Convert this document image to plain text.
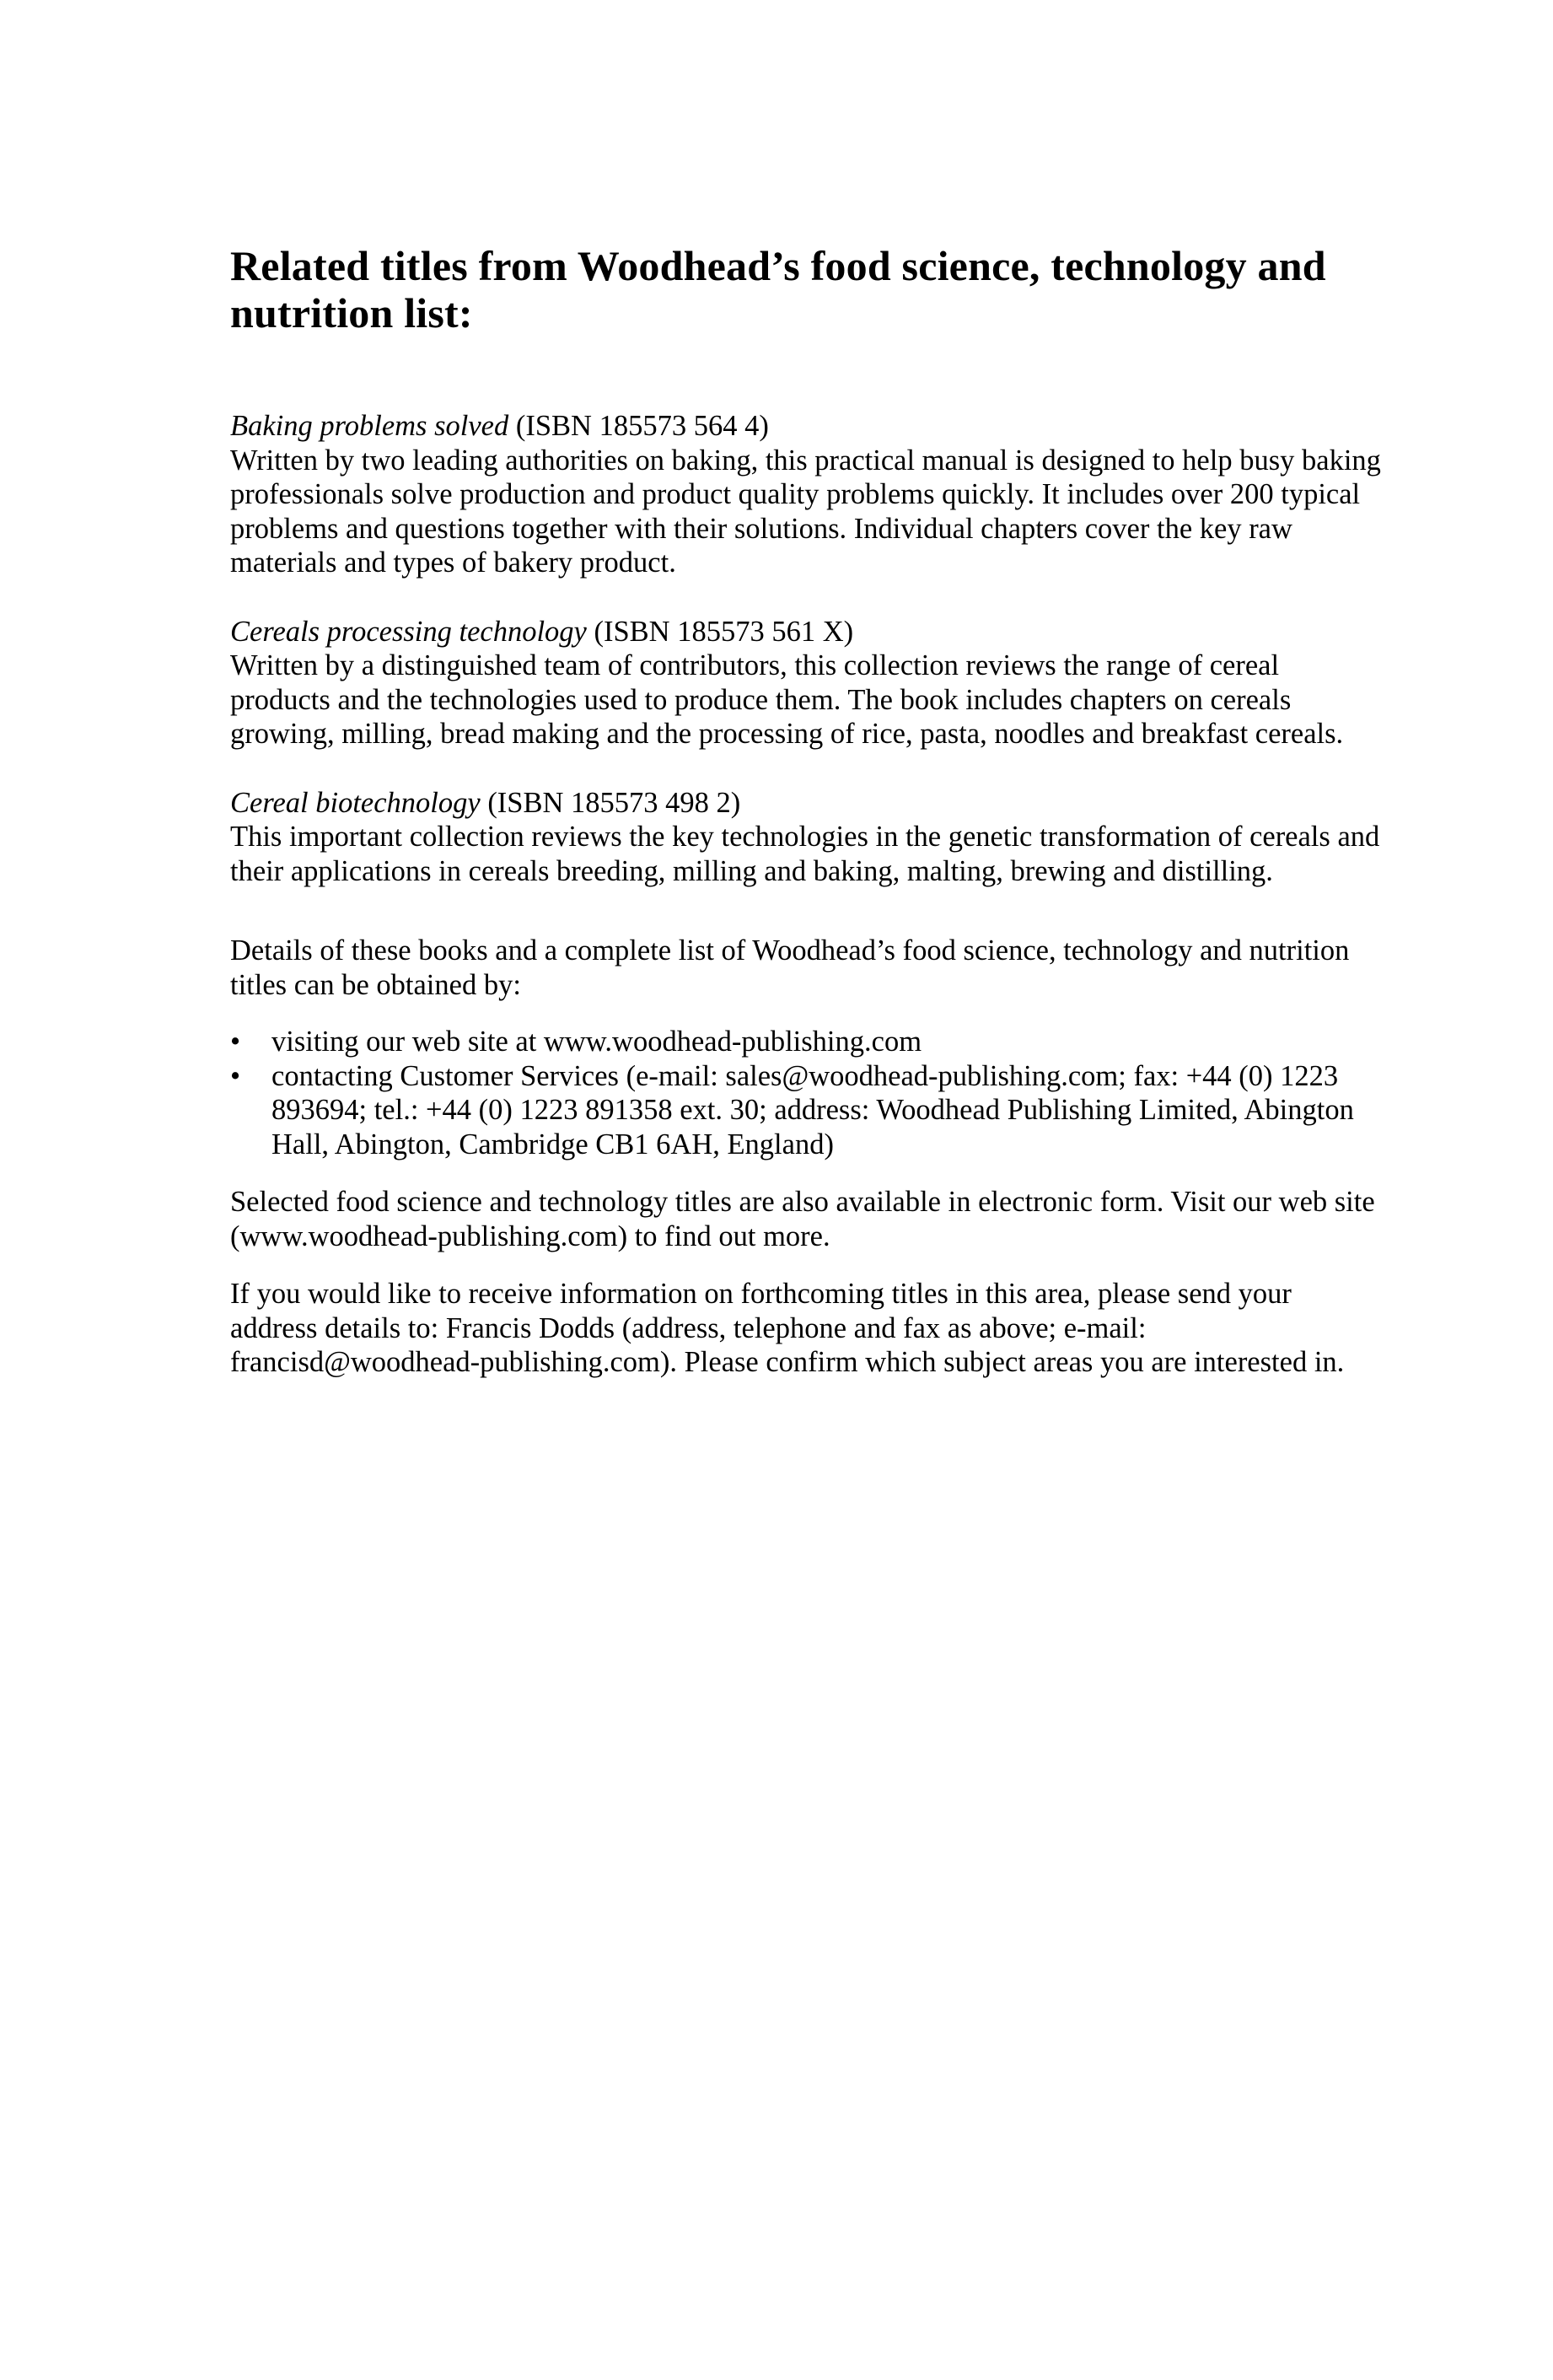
Related titles from Woodhead’s food science, technology and nutrition list:
Baking problems solved (ISBN 185573 564 4)
Written by two leading authorities on baking, this practical manual is designed to help busy baking professionals solve production and product quality problems quickly. It includes over 200 typical problems and questions together with their solutions. Individual chapters cover the key raw materials and types of bakery product.
Cereals processing technology (ISBN 185573 561 X)
Written by a distinguished team of contributors, this collection reviews the range of cereal products and the technologies used to produce them. The book includes chapters on cereals growing, milling, bread making and the processing of rice, pasta, noodles and breakfast cereals.
Cereal biotechnology (ISBN 185573 498 2)
This important collection reviews the key technologies in the genetic transformation of cereals and their applications in cereals breeding, milling and baking, malting, brewing and distilling.

Details of these books and a complete list of Woodhead’s food science, technology and nutrition titles can be obtained by:

•	visiting our web site at www.woodhead-publishing.com
•	contacting Customer Services (e-mail: sales@woodhead-publishing.com; fax: +44 (0) 1223 893694; tel.: +44 (0) 1223 891358 ext. 30; address: Woodhead Publishing Limited, Abington Hall, Abington, Cambridge CB1 6AH, England)

Selected food science and technology titles are also available in electronic form. Visit our web site (www.woodhead-publishing.com) to find out more.

If you would like to receive information on forthcoming titles in this area, please send your address details to: Francis Dodds (address, telephone and fax as above; e-mail: francisd@woodhead-publishing.com). Please confirm which subject areas you are interested in.
